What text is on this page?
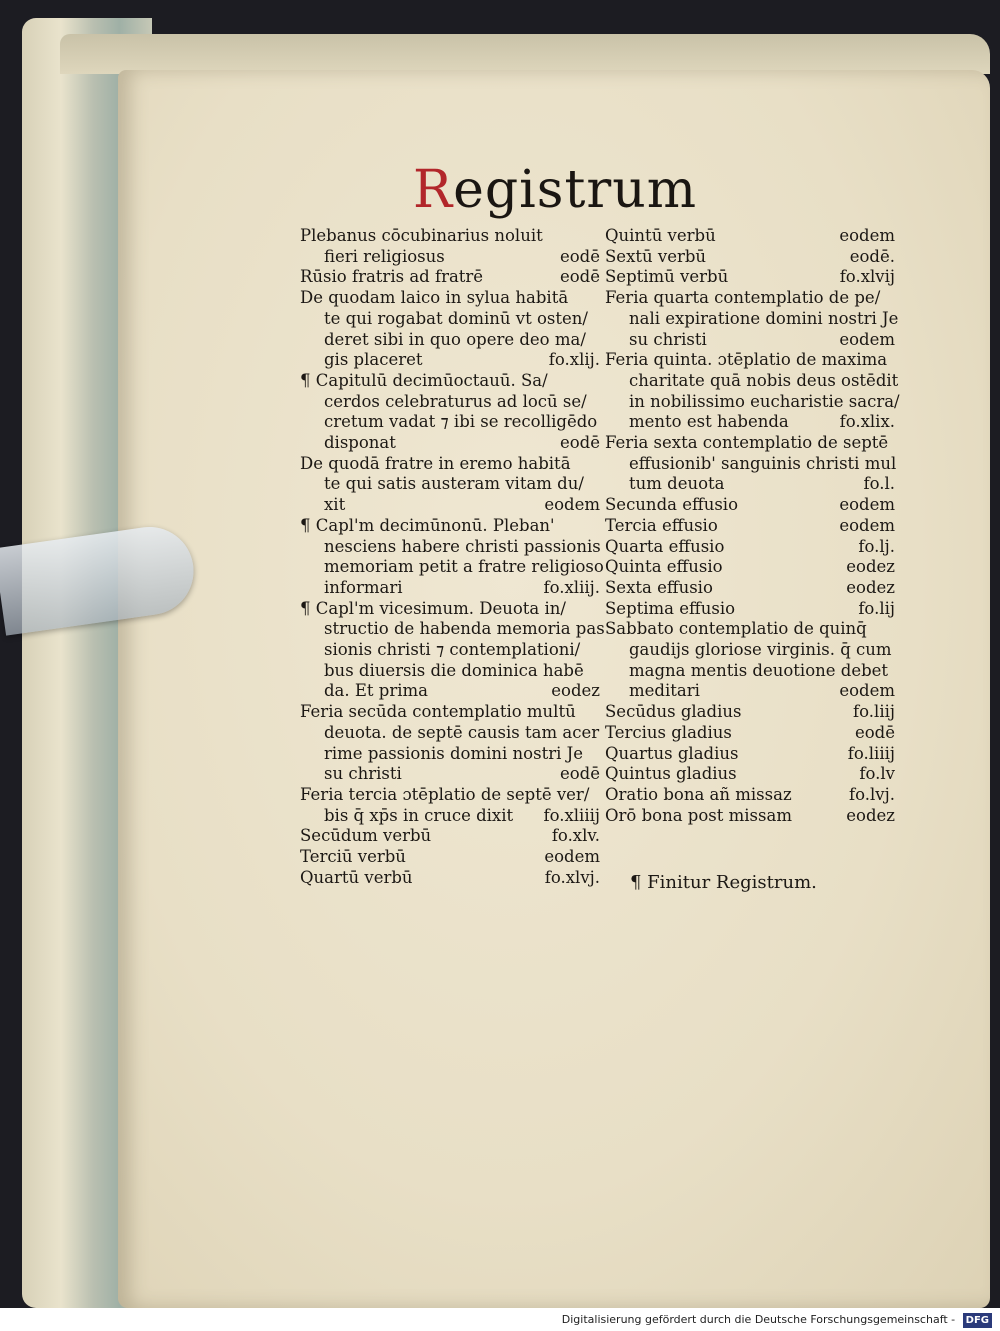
Registrum
Plebanus cōcubinarius noluit
fieri religiosus	eodē
Rūsio fratris ad fratrē	eodē
De quodam laico in sylua habitā
te qui rogabat dominū vt osten/
deret sibi in quo opere deo ma/
gis placeret	fo.xlij.
¶ Capitulū decimūoctauū. Sa/
cerdos celebraturus ad locū se/
cretum vadat ⁊ ibi se recolligēdo
disponat	eodē
De quodā fratre in eremo habitā
te qui satis austeram vitam du/
xit	eodem
¶ Capl'm decimūnonū. Pleban'
nesciens habere christi passionis
memoriam petit a fratre religioso
informari	fo.xliij.
¶ Capl'm vicesimum. Deuota in/
structio de habenda memoria pas
sionis christi ⁊ contemplationi/
bus diuersis die dominica habē
da. Et prima	eodez
Feria secūda contemplatio multū
deuota. de septē causis tam acer
rime passionis domini nostri Je
su christi	eodē
Feria tercia ɔtēplatio de septē ver/
bis q̄ xp̄s in cruce dixit	fo.xliiij
Secūdum verbū	fo.xlv.
Terciū verbū	eodem
Quartū verbū	fo.xlvj.
Quintū verbū	eodem
Sextū verbū	eodē.
Septimū verbū	fo.xlvij
Feria quarta contemplatio de pe/
nali expiratione domini nostri Je
su christi	eodem
Feria quinta. ɔtēplatio de maxima
charitate quā nobis deus ostēdit
in nobilissimo eucharistie sacra/
mento est habenda	fo.xlix.
Feria sexta contemplatio de septē
effusionib' sanguinis christi mul
tum deuota	fo.l.
Secunda effusio	eodem
Tercia effusio	eodem
Quarta effusio	fo.lj.
Quinta effusio	eodez
Sexta effusio	eodez
Septima effusio	fo.lij
Sabbato contemplatio de quinq̄
gaudijs gloriose virginis. q̄ cum
magna mentis deuotione debet
meditari	eodem
Secūdus gladius	fo.liij
Tercius gladius	eodē
Quartus gladius	fo.liiij
Quintus gladius	fo.lv
Oratio bona añ missaz	fo.lvj.
Orō bona post missam	eodez
¶ Finitur Registrum.
Digitalisierung gefördert durch die Deutsche Forschungsgemeinschaft - DFG
